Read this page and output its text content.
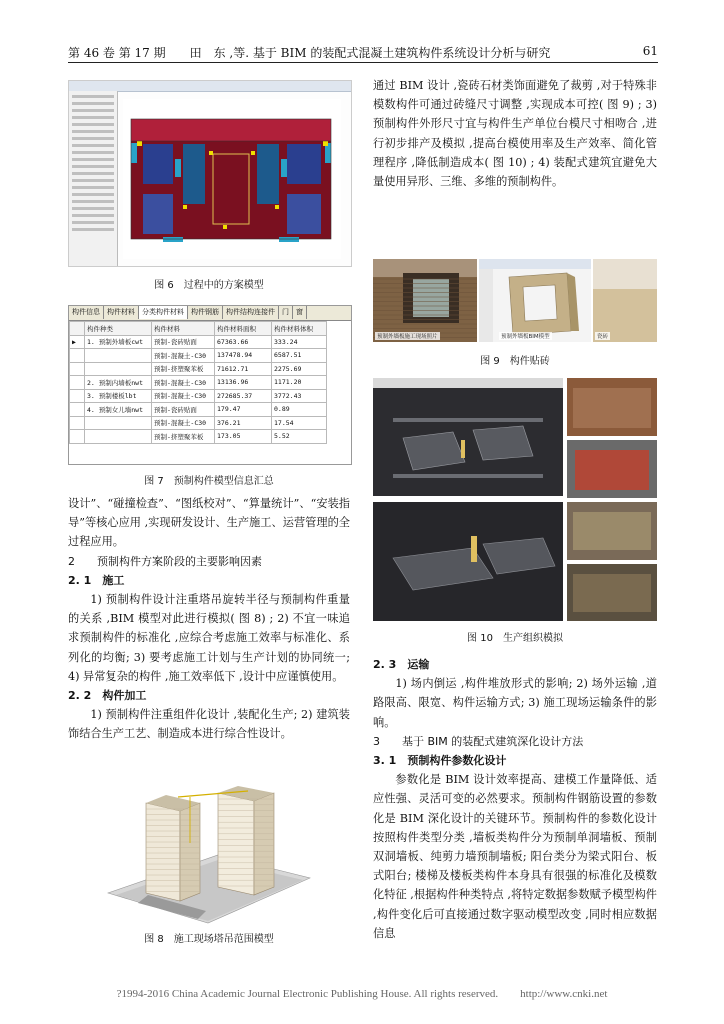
第 46 卷 第 17 期　　田　东 ,等. 基于 BIM 的装配式混凝土建筑构件系统设计分析与研究	61
图 6　过程中的方案模型
构件信息 构件材料 分类构件材料 构件钢筋 构件结构连接件 门 窗
	构件种类	构件材料	构件材料面积	构件材料体积
▶	1. 预制外墙板cwt	预制-瓷砖贴面	67363.66	333.24
		预制-混凝土-C30	137478.94	6587.51
		预制-挤塑聚苯板	71612.71	2275.69
	2. 预制内墙板nwt	预制-混凝土-C30	13136.96	1171.20
	3. 预制楼板lbt	预制-混凝土-C30	272685.37	3772.43
	4. 预制女儿墙nwt	预制-瓷砖贴面	179.47	0.89
		预制-混凝土-C30	376.21	17.54
		预制-挤塑聚苯板	173.05	5.52
图 7　预制构件模型信息汇总

设计”、“碰撞检查”、“图纸校对”、“算量统计”、“安装指导”等核心应用 ,实现研发设计、生产施工、运营管理的全过程应用。

2　　预制构件方案阶段的主要影响因素

2. 1　施工

1) 预制构件设计注重塔吊旋转半径与预制构件重量的关系 ,BIM 模型对此进行模拟( 图 8) ; 2) 不宜一味追求预制构件的标准化 ,应综合考虑施工效率与标准化、系列化的均衡; 3) 要考虑施工计划与生产计划的协同统一; 4) 异常复杂的构件 ,施工效率低下 ,设计中应谨慎使用。

2. 2　构件加工

1) 预制构件注重组件化设计 ,装配化生产; 2) 建筑装饰结合生产工艺、制造成本进行综合性设计。

图 8　施工现场塔吊范围模型

通过 BIM 设计 ,瓷砖石材类饰面避免了裁剪 ,对于特殊非模数构件可通过砖缝尺寸调整 ,实现成本可控( 图 9) ; 3) 预制构件外形尺寸宜与构件生产单位台模尺寸相吻合 ,进行初步排产及模拟 ,提高台模使用率及生产效率、简化管理程序 ,降低制造成本( 图 10) ; 4) 装配式建筑宜避免大量使用异形、三维、多维的预制构件。

预制外墙板施工现场照片	预制外墙板BIM模型	瓷砖
图 9　构件贴砖
图 10　生产组织模拟

2. 3　运输

1) 场内倒运 ,构件堆放形式的影响; 2) 场外运输 ,道路限高、限宽、构件运输方式; 3) 施工现场运输条件的影响。

3　　基于 BIM 的装配式建筑深化设计方法

3. 1　预制构件参数化设计

参数化是 BIM 设计效率提高、建模工作量降低、适应性强、灵活可变的必然要求。预制构件钢筋设置的参数化是 BIM 深化设计的关键环节。预制构件的参数化设计按照构件类型分类 ,墙板类构件分为预制单洞墙板、预制双洞墙板、纯剪力墙预制墙板; 阳台类分为梁式阳台、板式阳台; 楼梯及楼板类构件本身具有很强的标准化及模数化特征 ,根据构件种类特点 ,将特定数据参数赋予模型构件 ,构件变化后可直接通过数字驱动模型改变 ,同时相应数据信息

?1994-2016 China Academic Journal Electronic Publishing House. All rights reserved.　　http://www.cnki.net
